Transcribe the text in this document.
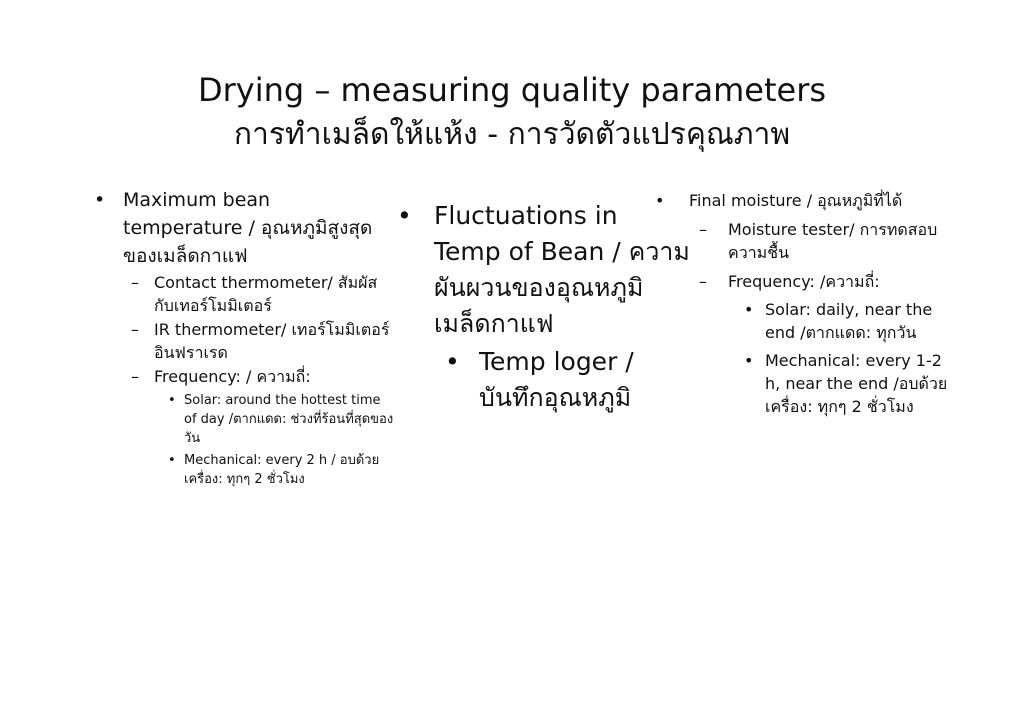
Drying – measuring quality parameters
การทำเมล็ดให้แห้ง - การวัดตัวแปรคุณภาพ
• Maximum bean temperature / อุณหภูมิสูงสุดของเมล็ดกาแฟ
– Contact thermometer/ สัมผัสกับเทอร์โมมิเตอร์
– IR thermometer/ เทอร์โมมิเตอร์อินฟราเรด
– Frequency: / ความถี่:
• Solar: around the hottest time of day /ตากแดด: ช่วงที่ร้อนที่สุดของวัน
• Mechanical: every 2 h / อบด้วยเครื่อง: ทุกๆ 2 ชั่วโมง
• Fluctuations in Temp of Bean / ความผันผวนของอุณหภูมิเมล็ดกาแฟ
• Temp loger / บันทึกอุณหภูมิ
• Final moisture / อุณหภูมิที่ได้
– Moisture tester/ การทดสอบความชื้น
– Frequency: /ความถี่:
• Solar: daily, near the end /ตากแดด: ทุกวัน
• Mechanical: every 1-2 h, near the end /อบด้วยเครื่อง: ทุกๆ 2 ชั่วโมง
